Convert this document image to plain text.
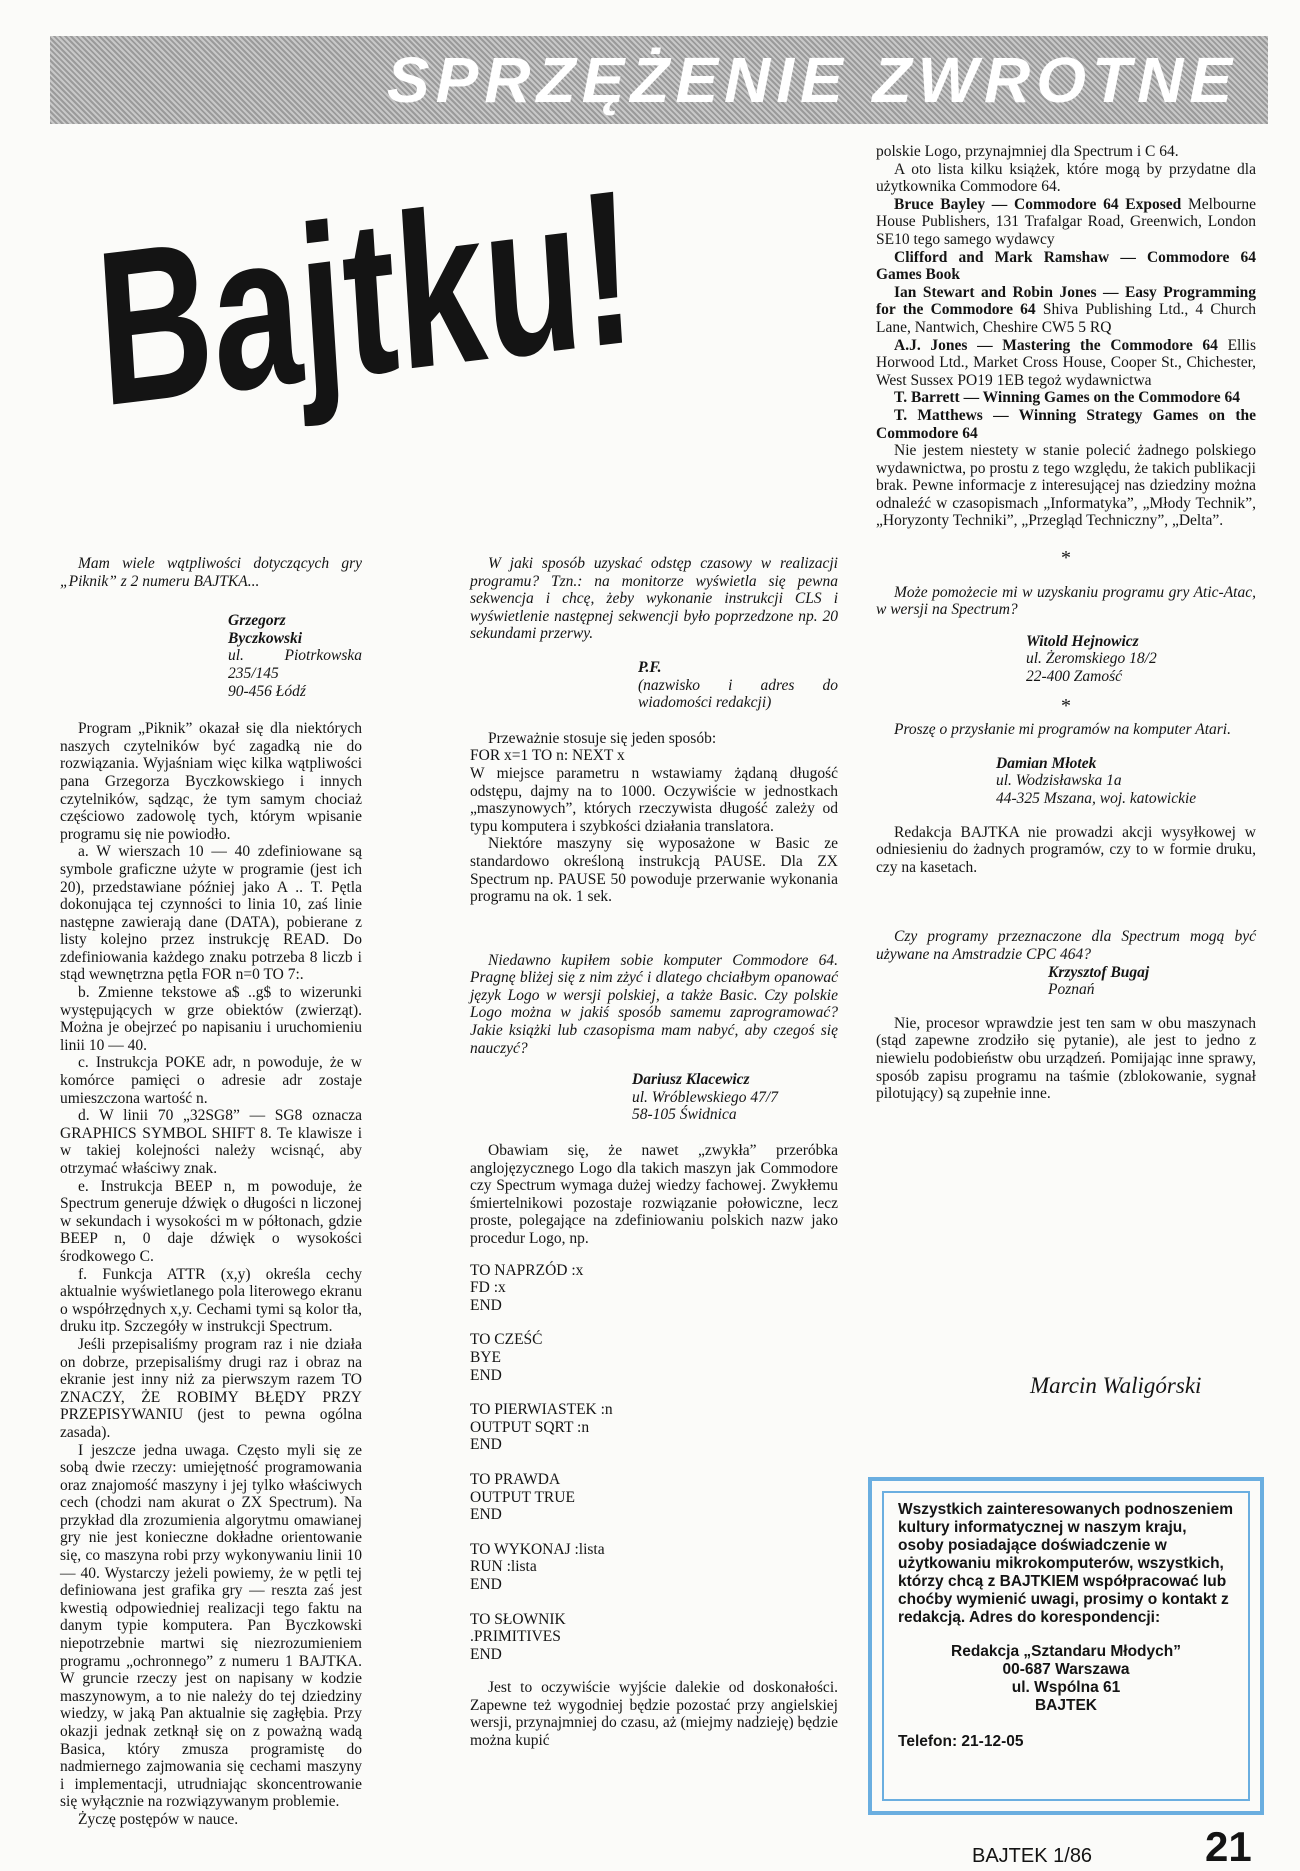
SPRZĘŻENIE ZWROTNE
Bajtku!

Mam wiele wątpliwości dotyczących gry „Piknik” z 2 numeru BAJTKA...

Grzegorz Byczkowski

ul. Piotrkowska 235/145

90-456 Łódź

Program „Piknik” okazał się dla niektórych naszych czytelników być zagadką nie do rozwiązania. Wyjaśniam więc kilka wątpliwości pana Grzegorza Byczkowskiego i innych czytelników, sądząc, że tym samym chociaż częściowo zadowolę tych, którym wpisanie programu się nie powiodło.

a. W wierszach 10 — 40 zdefiniowane są symbole graficzne użyte w programie (jest ich 20), przedstawiane później jako A .. T. Pętla dokonująca tej czynności to linia 10, zaś linie następne zawierają dane (DATA), pobierane z listy kolejno przez instrukcję READ. Do zdefiniowania każdego znaku potrzeba 8 liczb i stąd wewnętrzna pętla FOR n=0 TO 7:.

b. Zmienne tekstowe a$ ..g$ to wizerunki występujących w grze obiektów (zwierząt). Można je obejrzeć po napisaniu i uruchomieniu linii 10 — 40.

c. Instrukcja POKE adr, n powoduje, że w komórce pamięci o adresie adr zostaje umieszczona wartość n.

d. W linii 70 „32SG8” — SG8 oznacza GRAPHICS SYMBOL SHIFT 8. Te klawisze i w takiej kolejności należy wcisnąć, aby otrzymać właściwy znak.

e. Instrukcja BEEP n, m powoduje, że Spectrum generuje dźwięk o długości n liczonej w sekundach i wysokości m w półtonach, gdzie BEEP n, 0 daje dźwięk o wysokości środkowego C.

f. Funkcja ATTR (x,y) określa cechy aktualnie wyświetlanego pola literowego ekranu o współrzędnych x,y. Cechami tymi są kolor tła, druku itp. Szczegóły w instrukcji Spectrum.

Jeśli przepisaliśmy program raz i nie działa on dobrze, przepisaliśmy drugi raz i obraz na ekranie jest inny niż za pierwszym razem TO ZNACZY, ŻE ROBIMY BŁĘDY PRZY PRZEPISYWANIU (jest to pewna ogólna zasada).

I jeszcze jedna uwaga. Często myli się ze sobą dwie rzeczy: umiejętność programowania oraz znajomość maszyny i jej tylko właściwych cech (chodzi nam akurat o ZX Spectrum). Na przykład dla zrozumienia algorytmu omawianej gry nie jest konieczne dokładne orientowanie się, co maszyna robi przy wykonywaniu linii 10 — 40. Wystarczy jeżeli powiemy, że w pętli tej definiowana jest grafika gry — reszta zaś jest kwestią odpowiedniej realizacji tego faktu na danym typie komputera. Pan Byczkowski niepotrzebnie martwi się niezrozumieniem programu „ochronnego” z numeru 1 BAJTKA. W gruncie rzeczy jest on napisany w kodzie maszynowym, a to nie należy do tej dziedziny wiedzy, w jaką Pan aktualnie się zagłębia. Przy okazji jednak zetknął się on z poważną wadą Basica, który zmusza programistę do nadmiernego zajmowania się cechami maszyny i implementacji, utrudniając skoncentrowanie się wyłącznie na rozwiązywanym problemie.

Życzę postępów w nauce.

W jaki sposób uzyskać odstęp czasowy w realizacji programu? Tzn.: na monitorze wyświetla się pewna sekwencja i chcę, żeby wykonanie instrukcji CLS i wyświetlenie następnej sekwencji było poprzedzone np. 20 sekundami przerwy.

P.F.

(nazwisko i adres do wiadomości redakcji)

Przeważnie stosuje się jeden sposób:

FOR x=1 TO n: NEXT x

W miejsce parametru n wstawiamy żądaną długość odstępu, dajmy na to 1000. Oczywiście w jednostkach „maszynowych”, których rzeczywista długość zależy od typu komputera i szybkości działania translatora.

Niektóre maszyny się wyposażone w Basic ze standardowo określoną instrukcją PAUSE. Dla ZX Spectrum np. PAUSE 50 powoduje przerwanie wykonania programu na ok. 1 sek.

Niedawno kupiłem sobie komputer Commodore 64. Pragnę bliżej się z nim zżyć i dlatego chciałbym opanować język Logo w wersji polskiej, a także Basic. Czy polskie Logo można w jakiś sposób samemu zaprogramować? Jakie książki lub czasopisma mam nabyć, aby czegoś się nauczyć?

Dariusz Klacewicz

ul. Wróblewskiego 47/7

58-105 Świdnica

Obawiam się, że nawet „zwykła” przeróbka anglojęzycznego Logo dla takich maszyn jak Commodore czy Spectrum wymaga dużej wiedzy fachowej. Zwykłemu śmiertelnikowi pozostaje rozwiązanie połowiczne, lecz proste, polegające na zdefiniowaniu polskich nazw jako procedur Logo, np.

TO NAPRZÓD :x

FD :x

END

TO CZEŚĆ

BYE

END

TO PIERWIASTEK :n

OUTPUT SQRT :n

END

TO PRAWDA

OUTPUT TRUE

END

TO WYKONAJ :lista

RUN :lista

END

TO SŁOWNIK

.PRIMITIVES

END

Jest to oczywiście wyjście dalekie od doskonałości. Zapewne też wygodniej będzie pozostać przy angielskiej wersji, przynajmniej do czasu, aż (miejmy nadzieję) będzie można kupić

polskie Logo, przynajmniej dla Spectrum i C 64.

A oto lista kilku książek, które mogą by przydatne dla użytkownika Commodore 64.

Bruce Bayley — Commodore 64 Exposed Melbourne House Publishers, 131 Trafalgar Road, Greenwich, London SE10 tego samego wydawcy

Clifford and Mark Ramshaw — Commodore 64 Games Book

Ian Stewart and Robin Jones — Easy Programming for the Commodore 64 Shiva Publishing Ltd., 4 Church Lane, Nantwich, Cheshire CW5 5 RQ

A.J. Jones — Mastering the Commodore 64 Ellis Horwood Ltd., Market Cross House, Cooper St., Chichester, West Sussex PO19 1EB tegoż wydawnictwa

T. Barrett — Winning Games on the Commodore 64

T. Matthews — Winning Strategy Games on the Commodore 64

Nie jestem niestety w stanie polecić żadnego polskiego wydawnictwa, po prostu z tego względu, że takich publikacji brak. Pewne informacje z interesującej nas dziedziny można odnaleźć w czasopismach „Informatyka”, „Młody Technik”, „Horyzonty Techniki”, „Przegląd Techniczny”, „Delta”.

*

Może pomożecie mi w uzyskaniu programu gry Atic-Atac, w wersji na Spectrum?

Witold Hejnowicz

ul. Żeromskiego 18/2

22-400 Zamość

*

Proszę o przysłanie mi programów na komputer Atari.

Damian Młotek

ul. Wodzisławska 1a

44-325 Mszana, woj. katowickie

Redakcja BAJTKA nie prowadzi akcji wysyłkowej w odniesieniu do żadnych programów, czy to w formie druku, czy na kasetach.

Czy programy przeznaczone dla Spectrum mogą być używane na Amstradzie CPC 464?

Krzysztof Bugaj

Poznań

Nie, procesor wprawdzie jest ten sam w obu maszynach (stąd zapewne zrodziło się pytanie), ale jest to jedno z niewielu podobieństw obu urządzeń. Pomijając inne sprawy, sposób zapisu programu na taśmie (zblokowanie, sygnał pilotujący) są zupełnie inne.

Marcin Waligórski

Wszystkich zainteresowanych podnoszeniem kultury informatycznej w naszym kraju, osoby posiadające doświadczenie w użytkowaniu mikrokomputerów, wszystkich, którzy chcą z BAJTKIEM współpracować lub choćby wymienić uwagi, prosimy o kontakt z redakcją. Adres do korespondencji:

Redakcja „Sztandaru Młodych”

00-687 Warszawa

ul. Wspólna 61

BAJTEK

Telefon: 21-12-05

BAJTEK 1/86	21
